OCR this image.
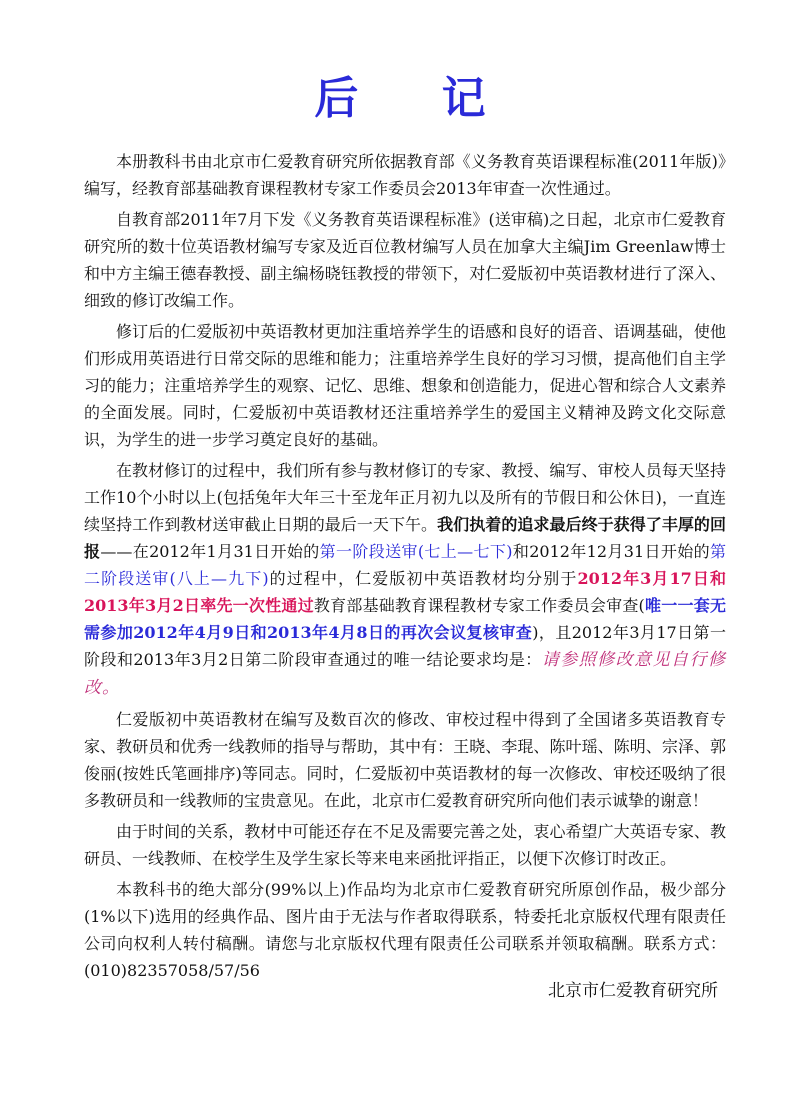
后 记

本册教科书由北京市仁爱教育研究所依据教育部《义务教育英语课程标准(2011年版)》编写，经教育部基础教育课程教材专家工作委员会2013年审查一次性通过。

自教育部2011年7月下发《义务教育英语课程标准》(送审稿)之日起，北京市仁爱教育研究所的数十位英语教材编写专家及近百位教材编写人员在加拿大主编Jim Greenlaw博士和中方主编王德春教授、副主编杨晓钰教授的带领下，对仁爱版初中英语教材进行了深入、细致的修订改编工作。

修订后的仁爱版初中英语教材更加注重培养学生的语感和良好的语音、语调基础，使他们形成用英语进行日常交际的思维和能力；注重培养学生良好的学习习惯，提高他们自主学习的能力；注重培养学生的观察、记忆、思维、想象和创造能力，促进心智和综合人文素养的全面发展。同时，仁爱版初中英语教材还注重培养学生的爱国主义精神及跨文化交际意识，为学生的进一步学习奠定良好的基础。

在教材修订的过程中，我们所有参与教材修订的专家、教授、编写、审校人员每天坚持工作10个小时以上(包括兔年大年三十至龙年正月初九以及所有的节假日和公休日)，一直连续坚持工作到教材送审截止日期的最后一天下午。我们执着的追求最后终于获得了丰厚的回报——在2012年1月31日开始的第一阶段送审(七上—七下)和2012年12月31日开始的第二阶段送审(八上—九下)的过程中，仁爱版初中英语教材均分别于2012年3月17日和2013年3月2日率先一次性通过教育部基础教育课程教材专家工作委员会审查(唯一一套无需参加2012年4月9日和2013年4月8日的再次会议复核审查)，且2012年3月17日第一阶段和2013年3月2日第二阶段审查通过的唯一结论要求均是：请参照修改意见自行修改。

仁爱版初中英语教材在编写及数百次的修改、审校过程中得到了全国诸多英语教育专家、教研员和优秀一线教师的指导与帮助，其中有：王晓、李琨、陈叶瑶、陈明、宗泽、郭俊丽(按姓氏笔画排序)等同志。同时，仁爱版初中英语教材的每一次修改、审校还吸纳了很多教研员和一线教师的宝贵意见。在此，北京市仁爱教育研究所向他们表示诚挚的谢意！

由于时间的关系，教材中可能还存在不足及需要完善之处，衷心希望广大英语专家、教研员、一线教师、在校学生及学生家长等来电来函批评指正，以便下次修订时改正。

本教科书的绝大部分(99%以上)作品均为北京市仁爱教育研究所原创作品，极少部分(1%以下)选用的经典作品、图片由于无法与作者取得联系，特委托北京版权代理有限责任公司向权利人转付稿酬。请您与北京版权代理有限责任公司联系并领取稿酬。联系方式：(010)82357058/57/56

北京市仁爱教育研究所
